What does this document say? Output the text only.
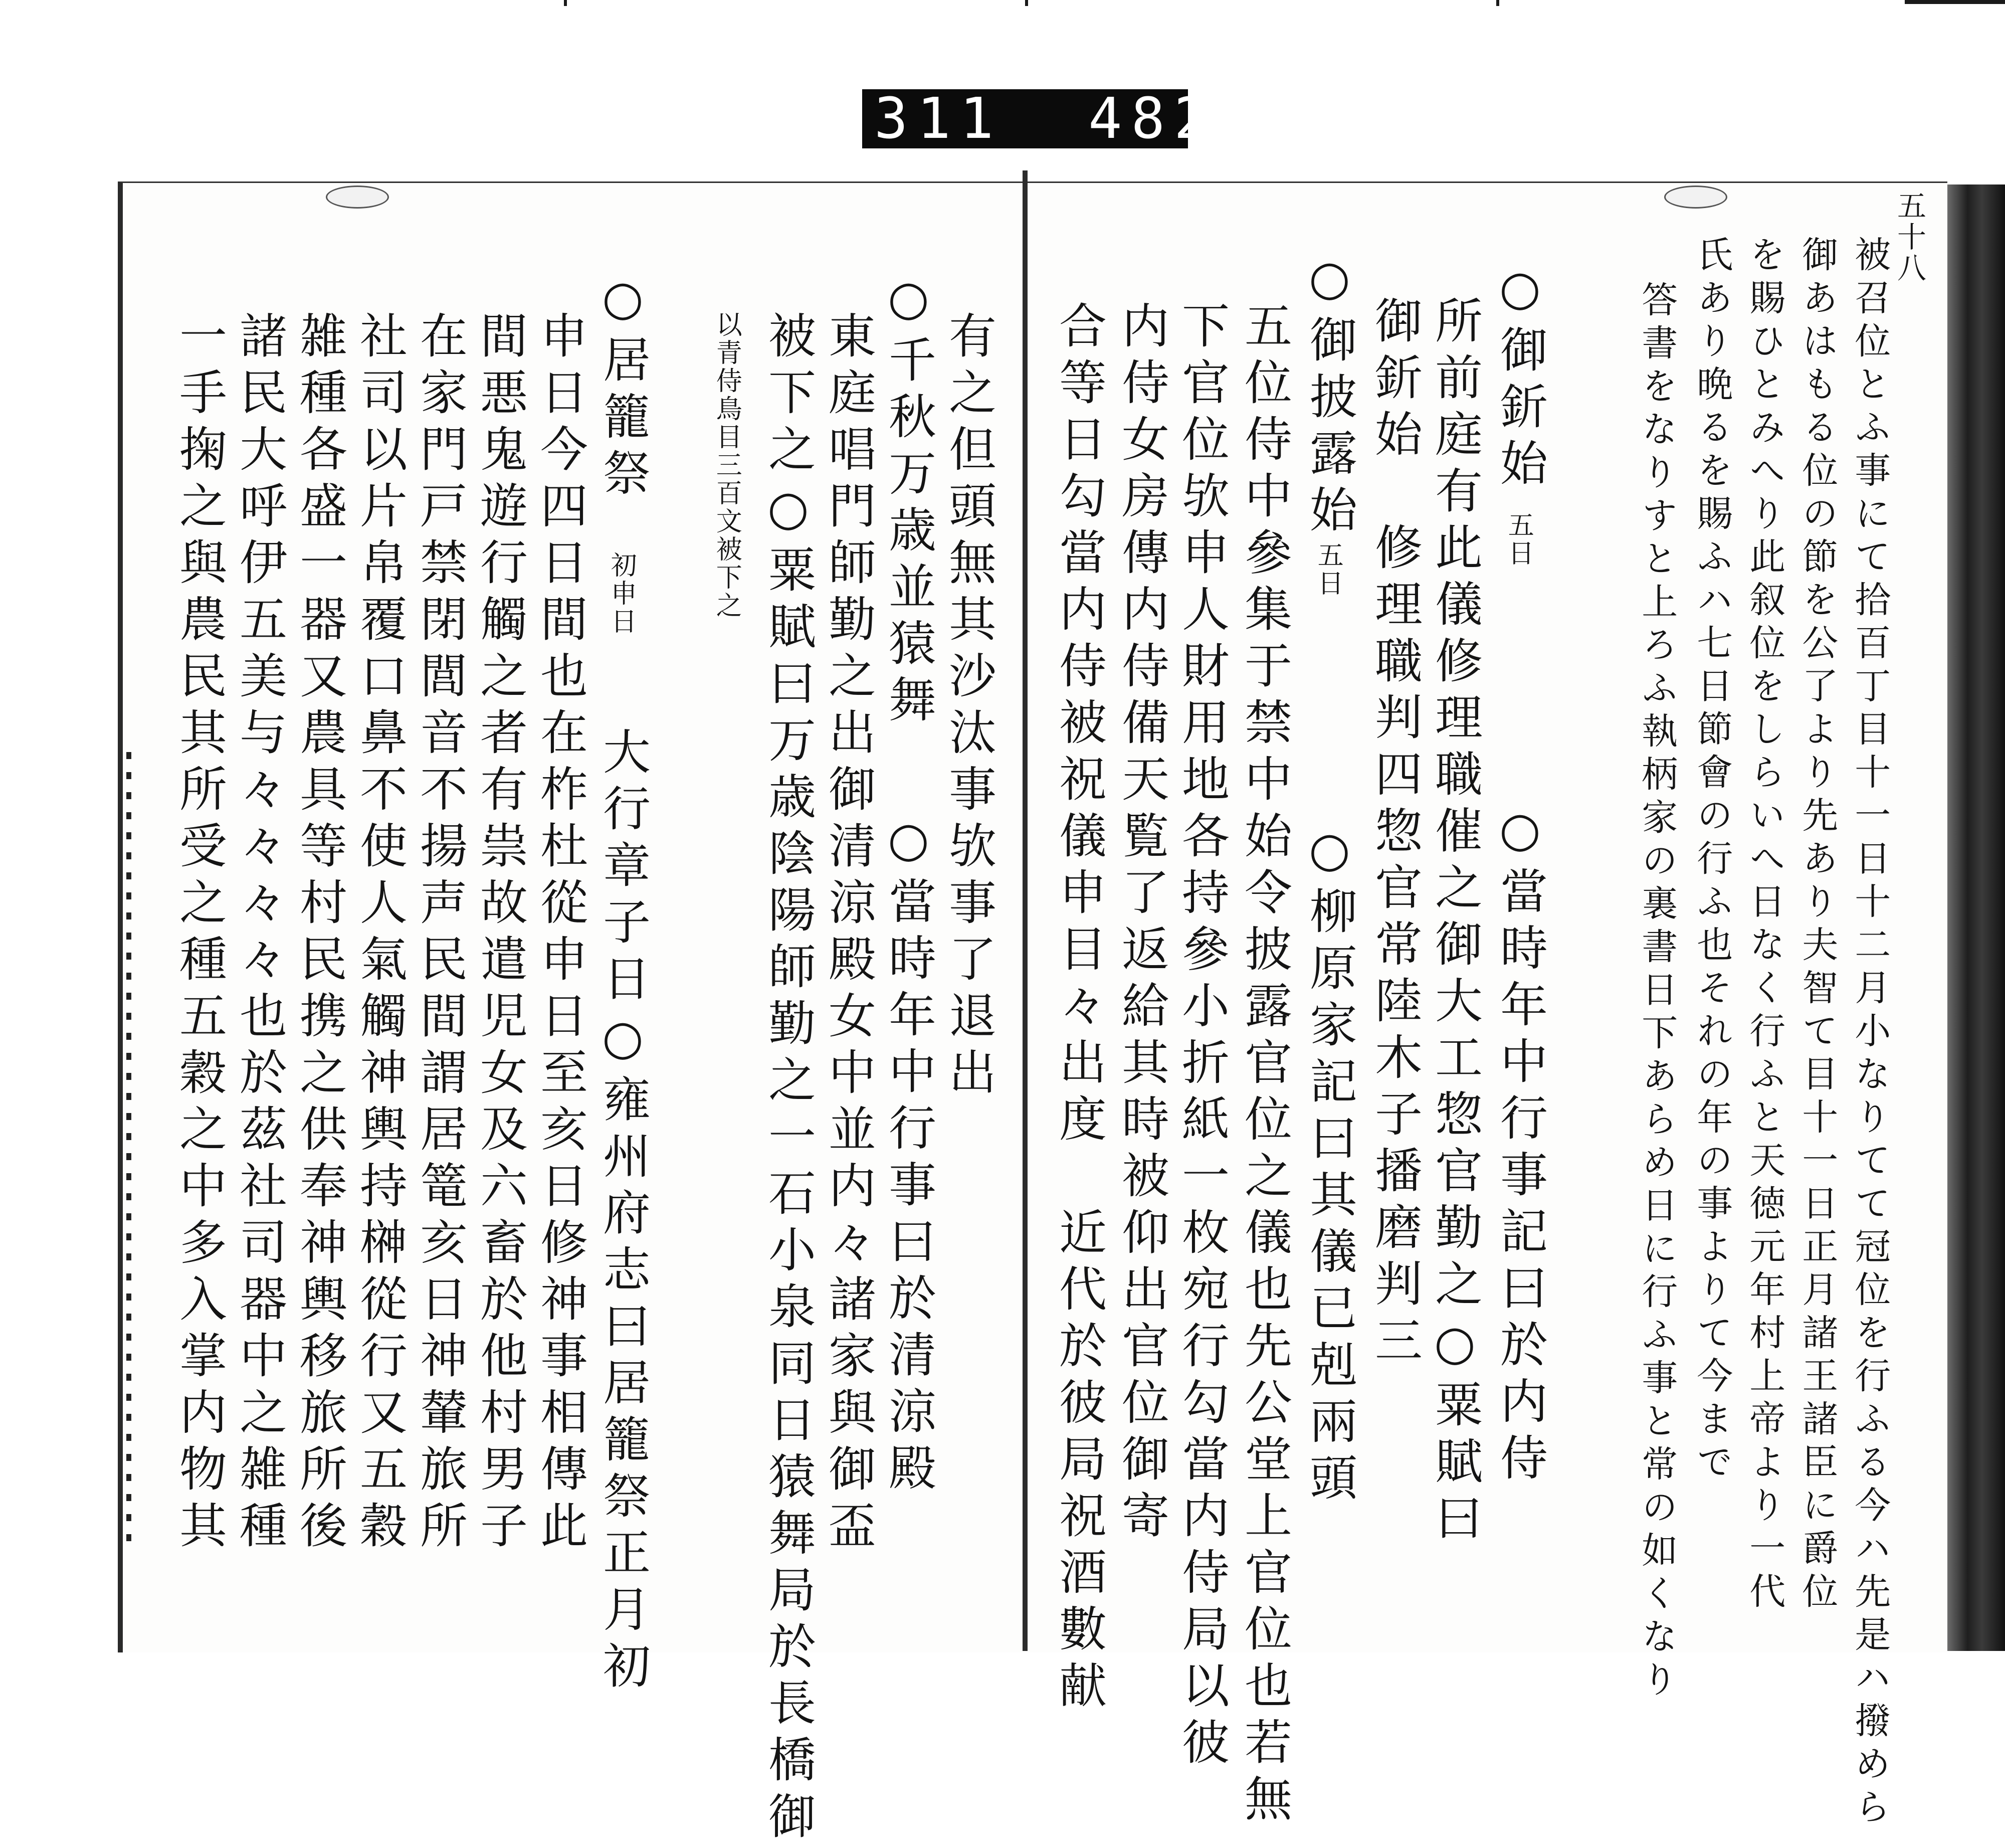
311  482.
五十八
被召位とふ事にて拾百丁目十一日十二月小なりてて冠位を行ふる今ハ先是ハ撥めら
御あはもる位の節を公了より先あり夫智て目十一日正月諸王諸臣に爵位
を賜ひとみへり此叙位をしらいへ日なく行ふと天徳元年村上帝より一代
氏あり晩るを賜ふハ七日節會の行ふ也それの年の事よりて今まで
答書をなりすと上ろふ執柄家の裏書日下あらめ日に行ふ事と常の如くなり
○御釿始
五日
○當時年中行事記曰於内侍
所前庭有此儀修理職催之御大工惣官勤之○粟賦曰
御釿始　修理職判四惣官常陸木子播磨判三
○御披露始
五日
○柳原家記曰其儀已剋兩頭
五位侍中參集于禁中始令披露官位之儀也先公堂上官位也若無
下官位欤申人財用地各持參小折紙一枚宛行勾當内侍局以彼
内侍女房傳内侍備天覧了返給其時被仰出官位御寄
合等日勾當内侍被祝儀申目々出度　近代於彼局祝酒數献
有之但頭無其沙汰事欤事了退出
○千秋万歳並猿舞
○當時年中行事曰於清涼殿
東庭唱門師勤之出御清涼殿女中並内々諸家與御盃
被下之○粟賦曰万歳陰陽師勤之一石小泉同日猿舞局於長橋御
以青侍鳥目三百文被下之
○居籠祭
初申日
大行章子日○雍州府志曰居籠祭正月初
申日今四日間也在柞杜從申日至亥日修神事相傳此
間悪鬼遊行觸之者有祟故遣児女及六畜於他村男子
在家門戸禁閉閭音不揚声民間謂居篭亥日神輦旅所
社司以片帛覆口鼻不使人氣觸神輿持榊從行又五穀
雑種各盛一器又農具等村民携之供奉神輿移旅所後
諸民大呼伊五美与々々々々也於茲社司器中之雑種
一手掬之與農民其所受之種五穀之中多入掌内物其
